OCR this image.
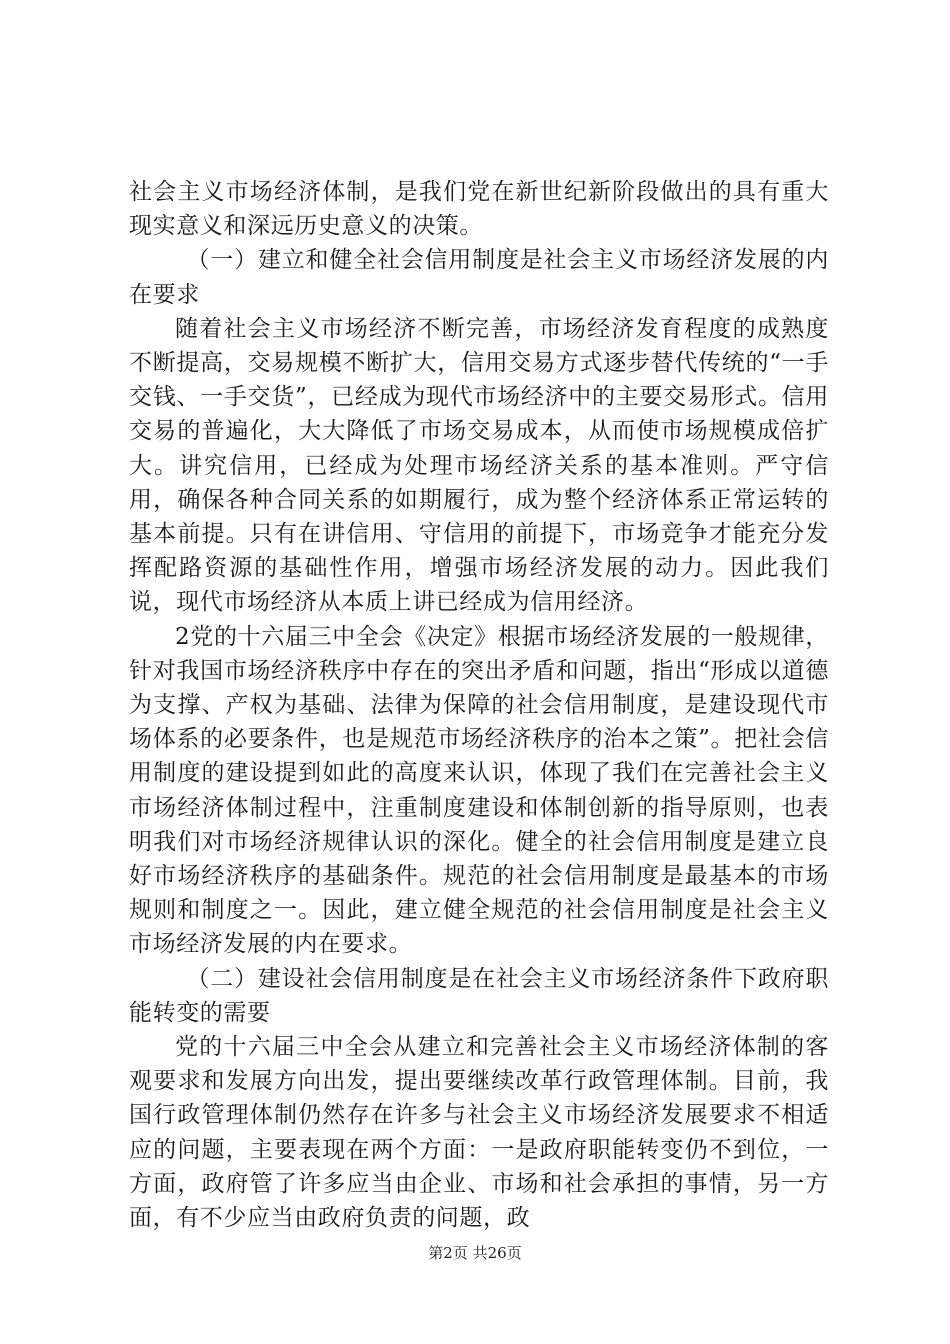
社会主义市场经济体制，是我们党在新世纪新阶段做出的具有重大现实意义和深远历史意义的决策。

（一）建立和健全社会信用制度是社会主义市场经济发展的内在要求

随着社会主义市场经济不断完善，市场经济发育程度的成熟度不断提高，交易规模不断扩大，信用交易方式逐步替代传统的“一手交钱、一手交货”，已经成为现代市场经济中的主要交易形式。信用交易的普遍化，大大降低了市场交易成本，从而使市场规模成倍扩大。讲究信用，已经成为处理市场经济关系的基本准则。严守信用，确保各种合同关系的如期履行，成为整个经济体系正常运转的基本前提。只有在讲信用、守信用的前提下，市场竞争才能充分发挥配路资源的基础性作用，增强市场经济发展的动力。因此我们说，现代市场经济从本质上讲已经成为信用经济。

2党的十六届三中全会《决定》根据市场经济发展的一般规律，针对我国市场经济秩序中存在的突出矛盾和问题，指出“形成以道德为支撑、产权为基础、法律为保障的社会信用制度，是建设现代市场体系的必要条件，也是规范市场经济秩序的治本之策”。把社会信用制度的建设提到如此的高度来认识，体现了我们在完善社会主义市场经济体制过程中，注重制度建设和体制创新的指导原则，也表明我们对市场经济规律认识的深化。健全的社会信用制度是建立良好市场经济秩序的基础条件。规范的社会信用制度是最基本的市场规则和制度之一。因此，建立健全规范的社会信用制度是社会主义市场经济发展的内在要求。

（二）建设社会信用制度是在社会主义市场经济条件下政府职能转变的需要

党的十六届三中全会从建立和完善社会主义市场经济体制的客观要求和发展方向出发，提出要继续改革行政管理体制。目前，我国行政管理体制仍然存在许多与社会主义市场经济发展要求不相适应的问题，主要表现在两个方面：一是政府职能转变仍不到位，一方面，政府管了许多应当由企业、市场和社会承担的事情，另一方面，有不少应当由政府负责的问题，政

第2页 共26页
